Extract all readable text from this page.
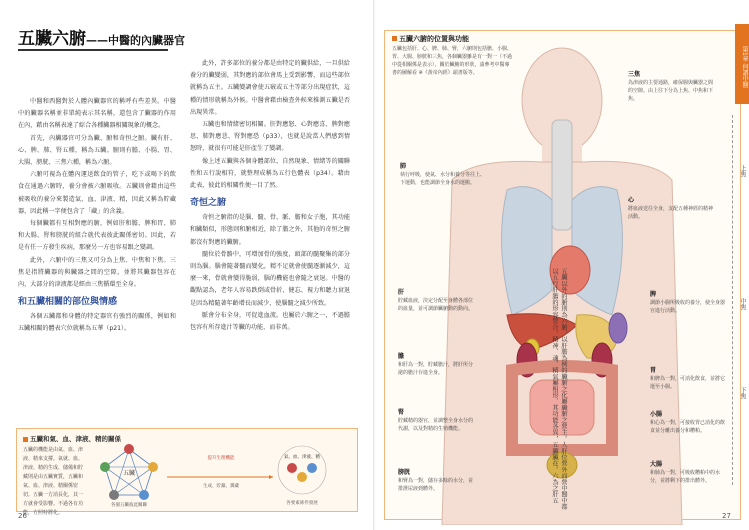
五臟六腑——中醫的內臟器官

中醫和西醫對於人體內臟器官的稱呼有些差異。中醫中的臟器名稱並非單純表示其名稱，還包含了臟器的作用在內，藉由名稱表達了綜合各種臟器相關現象的概念。

首先，內臟器官可分為臟、腑和奇恒之腑。臟有肝、心、脾、肺、腎五種，稱為五臟。腑則有膽、小腸、胃、大腸、膀胱、三焦六種，稱為六腑。

六腑可視為在體內運送飲食的管子，吃下或喝下的飲食在通過六腑時，養分會被六腑吸收。五臟則會藉由這些被吸收的養分來製造氣、血、津液、精，因此又稱為貯藏器，因此稱一字便包含了「藏」的含義。

每個臟都有互相對應的腑，例如肝和膽、脾和胃、肺和大腸、腎和膀胱的組合就代表彼此關係密切。因此，若是有任一方發生疾病，那麼另一方也容易跟之變調。

此外，六腑中的三焦又可分為上焦、中焦和下焦。三焦是指將臟器的與臟器之間的空隙，並將其臟器包容在內，大部分的津液都是經由三焦循環至全身。

和五臟相關的部位與情感

各個五臟都和身體的特定器官有強烈的關係，例如和五臟相關的體表穴位就稱為五華（p21）。

此外，許多部位的養分都是由特定的臟供給，一旦供給養分的臟變弱，其對應的部位會馬上受到影響，而這些部位就稱為五主。五臟變調會使五竅或五主等部分出現症狀，這種的情形就稱為外候。中醫會藉由檢查外候來推測五臟是否出現異常。

五臟也和情緒密切相關。肝對應怒、心對應喜、脾對應思、肺對應悲、腎對應恐（p33），也就是說當人們感到情怒時，就很有可能是肝產生了變調。

像上述五臟與各個身體部位、自然現象、情緒等的關聯性和五行說相符，就整理成稱為五行色體表（p34）。藉由此表，彼此的相關性便一目了然。

奇恒之腑

奇恒之腑指的是腦、髓、骨、脈、膽和女子胞，其功能和臟類似，形態則和腑相近，除了膽之外，其他的奇恒之腑都沒有對應的臟腑。

髓位於骨骼中，可增加骨的強度，頭部的髓聚集的部分則為腦。腦會隨著髓而變化，精不足就會使髓逐漸減少，這麼一來，骨就會變得脆弱，腦的機能也會隨之衰退。中醫的觀點認為，老年人容易跌倒或骨折、健忘、視力和聽力衰退是因為精隨著年齡增長而減少，使腦髓之減少所致。

脈會分布全身，可促進血流。也屬於六腑之一，不過膽包容有所存進汁等臟的功能，而非萬。

五臟和氣、血、津液、精的關係
五臟的機能是由氣、血、津液、精來支撐。氣就、血、津液、精的生成、儲備和貯藏則是由五臟實質，五臟和氣、血、津液、精關係密切。五臟一方消長化，其一方就會受影響。不過各有功能，方照特將化。
五臟
各個五臟彼此關聯
提升生理機能
生成、貯藏、籌藏
氣、血、津液、精
各要素條件發展
26
五臟六腑的位置與功能
五臟包括肝、心、脾、肺、腎，六腑則包括膽、小腸、胃、大腸、膀胱和三焦，各個臟器雖是有一對一（不過中從相關係是表示），關於臟腑的形狀，請參考中醫專書的圖解看 ※《黃帝內經》頭書版等。	第1章 何謂中醫
上焦
中焦
下焦
肺
執行呼吸，使氣、水分和養分等往上、下運動，也能調節全身水的運搬。
三焦
為津液的主要通路，確保腸與臟器之間的空隙。由上往下分為上焦、中焦和下焦。
心
將血液送往全身，支配五種神經的精神活動。
肝
貯藏血液，決定分配至身體各部位的血量，並可調節臟腑動的動向。
脾
調節小腸所吸收的養分，使全身器官進行活動。
膽
和肝為一對，貯藏膽汁，將肝所分泌的膽汁存進全身。	胃
和脾為一對，可消化飲食，並將它運至小腸。
腎
貯藏精的器官，並調整全身水分的代謝，以及對精的生殖機能。
小腸
和心為一對，可接收胃已消化的飲食並分離出養分和糟粕。
膀胱
和腎為一對，儲存多餘的水分，並排泄尿液到體外。
大腸
和肺為一對，可吸收糟粕中的水分，並將剩下的排出體外。
五臟以外的腑則為六腑，以肝膽為例的臟腑之化屬臟腑之營主。人肝位營外而營中醫中都以五行肝膽的形容營合，精神、魂、精氣屬相形、其功能各異，五臟臟在。六為之肝五
27
